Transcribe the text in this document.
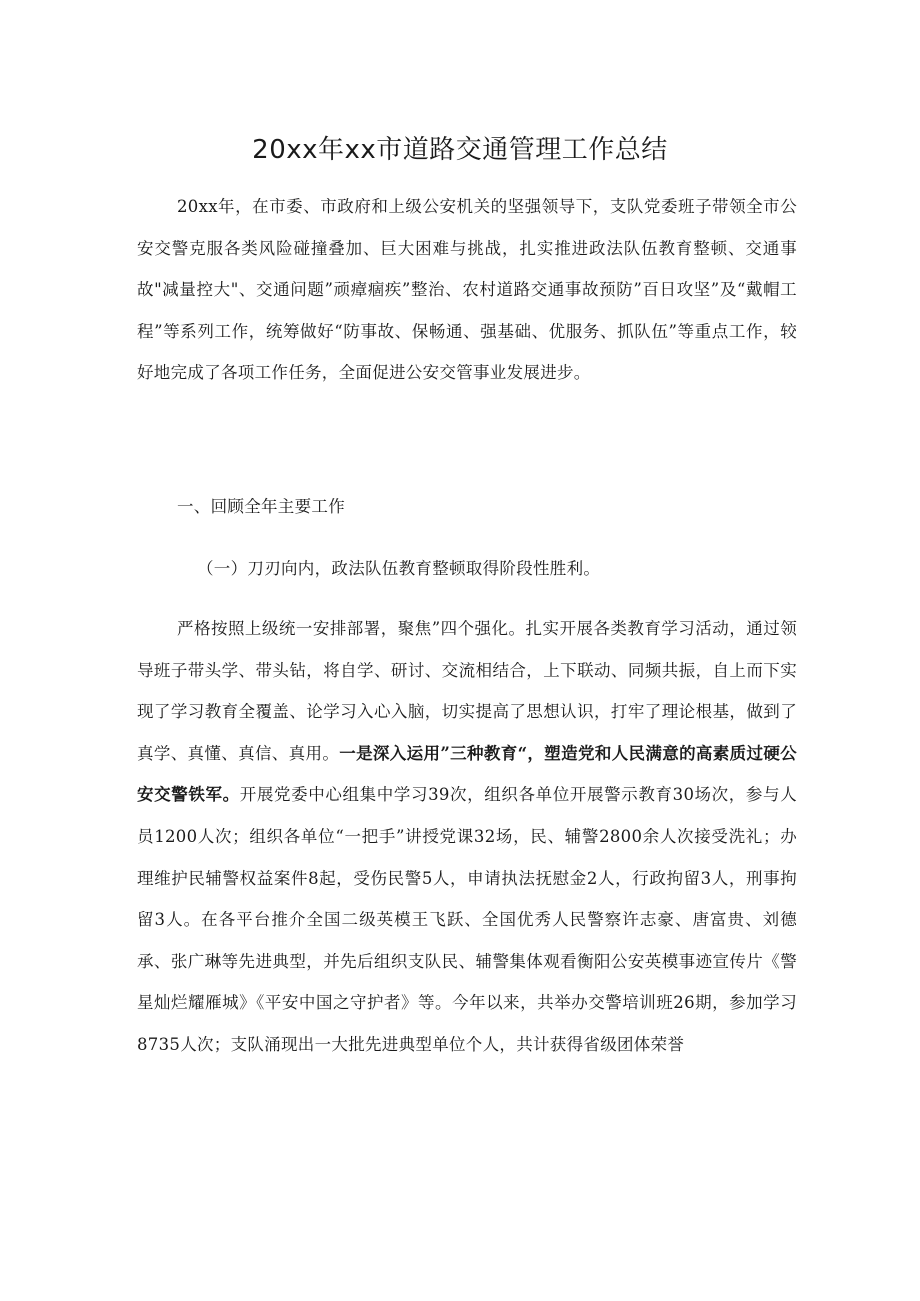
20xx年xx市道路交通管理工作总结

20xx年，在市委、市政府和上级公安机关的坚强领导下，支队党委班子带领全市公安交警克服各类风险碰撞叠加、巨大困难与挑战，扎实推进政法队伍教育整顿、交通事故"减量控大"、交通问题”顽瘴痼疾”整治、农村道路交通事故预防”百日攻坚”及“戴帽工程”等系列工作，统筹做好“防事故、保畅通、强基础、优服务、抓队伍”等重点工作，较好地完成了各项工作任务，全面促进公安交管事业发展进步。

一、回顾全年主要工作

（一）刀刃向内，政法队伍教育整顿取得阶段性胜利。

严格按照上级统一安排部署，聚焦”四个强化。扎实开展各类教育学习活动，通过领导班子带头学、带头钻，将自学、研讨、交流相结合，上下联动、同频共振，自上而下实现了学习教育全覆盖、论学习入心入脑，切实提高了思想认识，打牢了理论根基，做到了真学、真懂、真信、真用。一是深入运用”三种教育“，塑造党和人民满意的高素质过硬公安交警铁军。开展党委中心组集中学习39次，组织各单位开展警示教育30场次，参与人员1200人次；组织各单位“一把手”讲授党课32场，民、辅警2800余人次接受洗礼；办理维护民辅警权益案件8起，受伤民警5人，申请执法抚慰金2人，行政拘留3人，刑事拘留3人。在各平台推介全国二级英模王飞跃、全国优秀人民警察许志豪、唐富贵、刘德承、张广琳等先进典型，并先后组织支队民、辅警集体观看衡阳公安英模事迹宣传片《警星灿烂耀雁城》《平安中国之守护者》等。今年以来，共举办交警培训班26期，参加学习8735人次；支队涌现出一大批先进典型单位个人，共计获得省级团体荣誉
